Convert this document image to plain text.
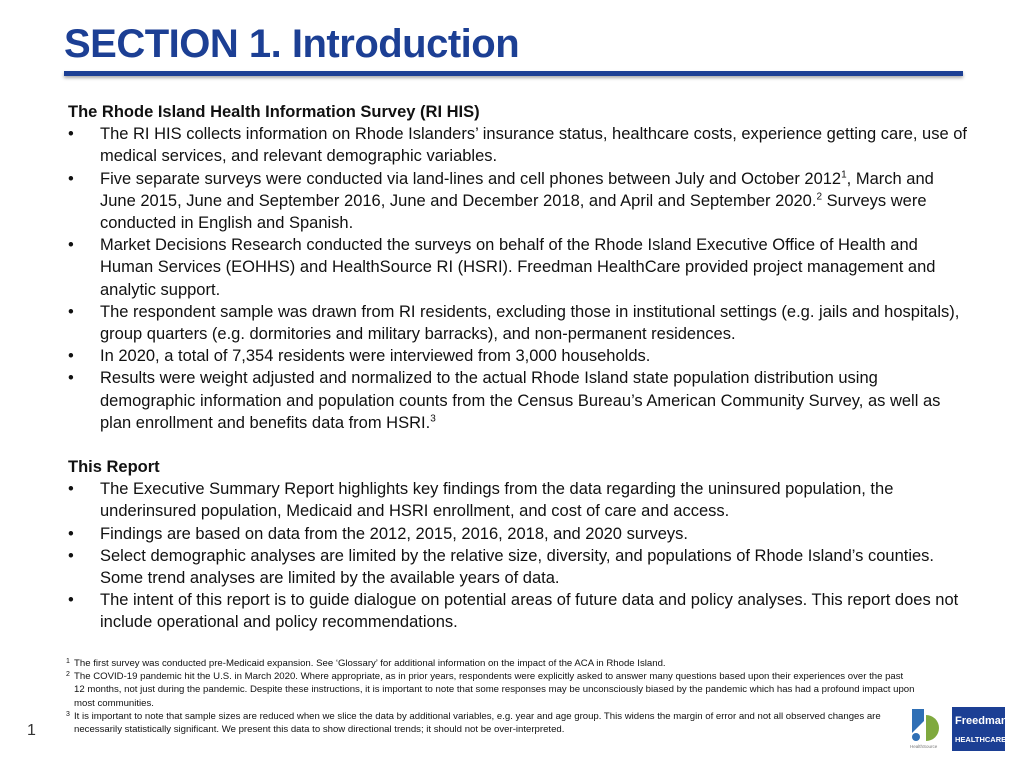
SECTION 1. Introduction

The Rhode Island Health Information Survey (RI HIS)

• The RI HIS collects information on Rhode Islanders’ insurance status, healthcare costs, experience getting care, use of medical services, and relevant demographic variables.
• Five separate surveys were conducted via land-lines and cell phones between July and October 2012$^1$, March and June 2015, June and September 2016, June and December 2018, and April and September 2020.$^2$ Surveys were conducted in English and Spanish.
• Market Decisions Research conducted the surveys on behalf of the Rhode Island Executive Office of Health and Human Services (EOHHS) and HealthSource RI (HSRI). Freedman HealthCare provided project management and analytic support.
• The respondent sample was drawn from RI residents, excluding those in institutional settings (e.g. jails and hospitals), group quarters (e.g. dormitories and military barracks), and non-permanent residences.
• In 2020, a total of 7,354 residents were interviewed from 3,000 households.
• Results were weight adjusted and normalized to the actual Rhode Island state population distribution using demographic information and population counts from the Census Bureau’s American Community Survey, as well as plan enrollment and benefits data from HSRI.$^3$

This Report

• The Executive Summary Report highlights key findings from the data regarding the uninsured population, the underinsured population, Medicaid and HSRI enrollment, and cost of care and access.
• Findings are based on data from the 2012, 2015, 2016, 2018, and 2020 surveys.
• Select demographic analyses are limited by the relative size, diversity, and populations of Rhode Island’s counties. Some trend analyses are limited by the available years of data.
• The intent of this report is to guide dialogue on potential areas of future data and policy analyses. This report does not include operational and policy recommendations.
1 The first survey was conducted pre-Medicaid expansion. See ‘Glossary’ for additional information on the impact of the ACA in Rhode Island.
2 The COVID-19 pandemic hit the U.S. in March 2020. Where appropriate, as in prior years, respondents were explicitly asked to answer many questions based upon their experiences over the past 12 months, not just during the pandemic. Despite these instructions, it is important to note that some responses may be unconsciously biased by the pandemic which has had a profound impact upon most communities.
3 It is important to note that sample sizes are reduced when we slice the data by additional variables, e.g. year and age group. This widens the margin of error and not all observed changes are necessarily statistically significant. We present this data to show directional trends; it should not be over-interpreted.
1
Freedman
HEALTHCARE
HealthSource
